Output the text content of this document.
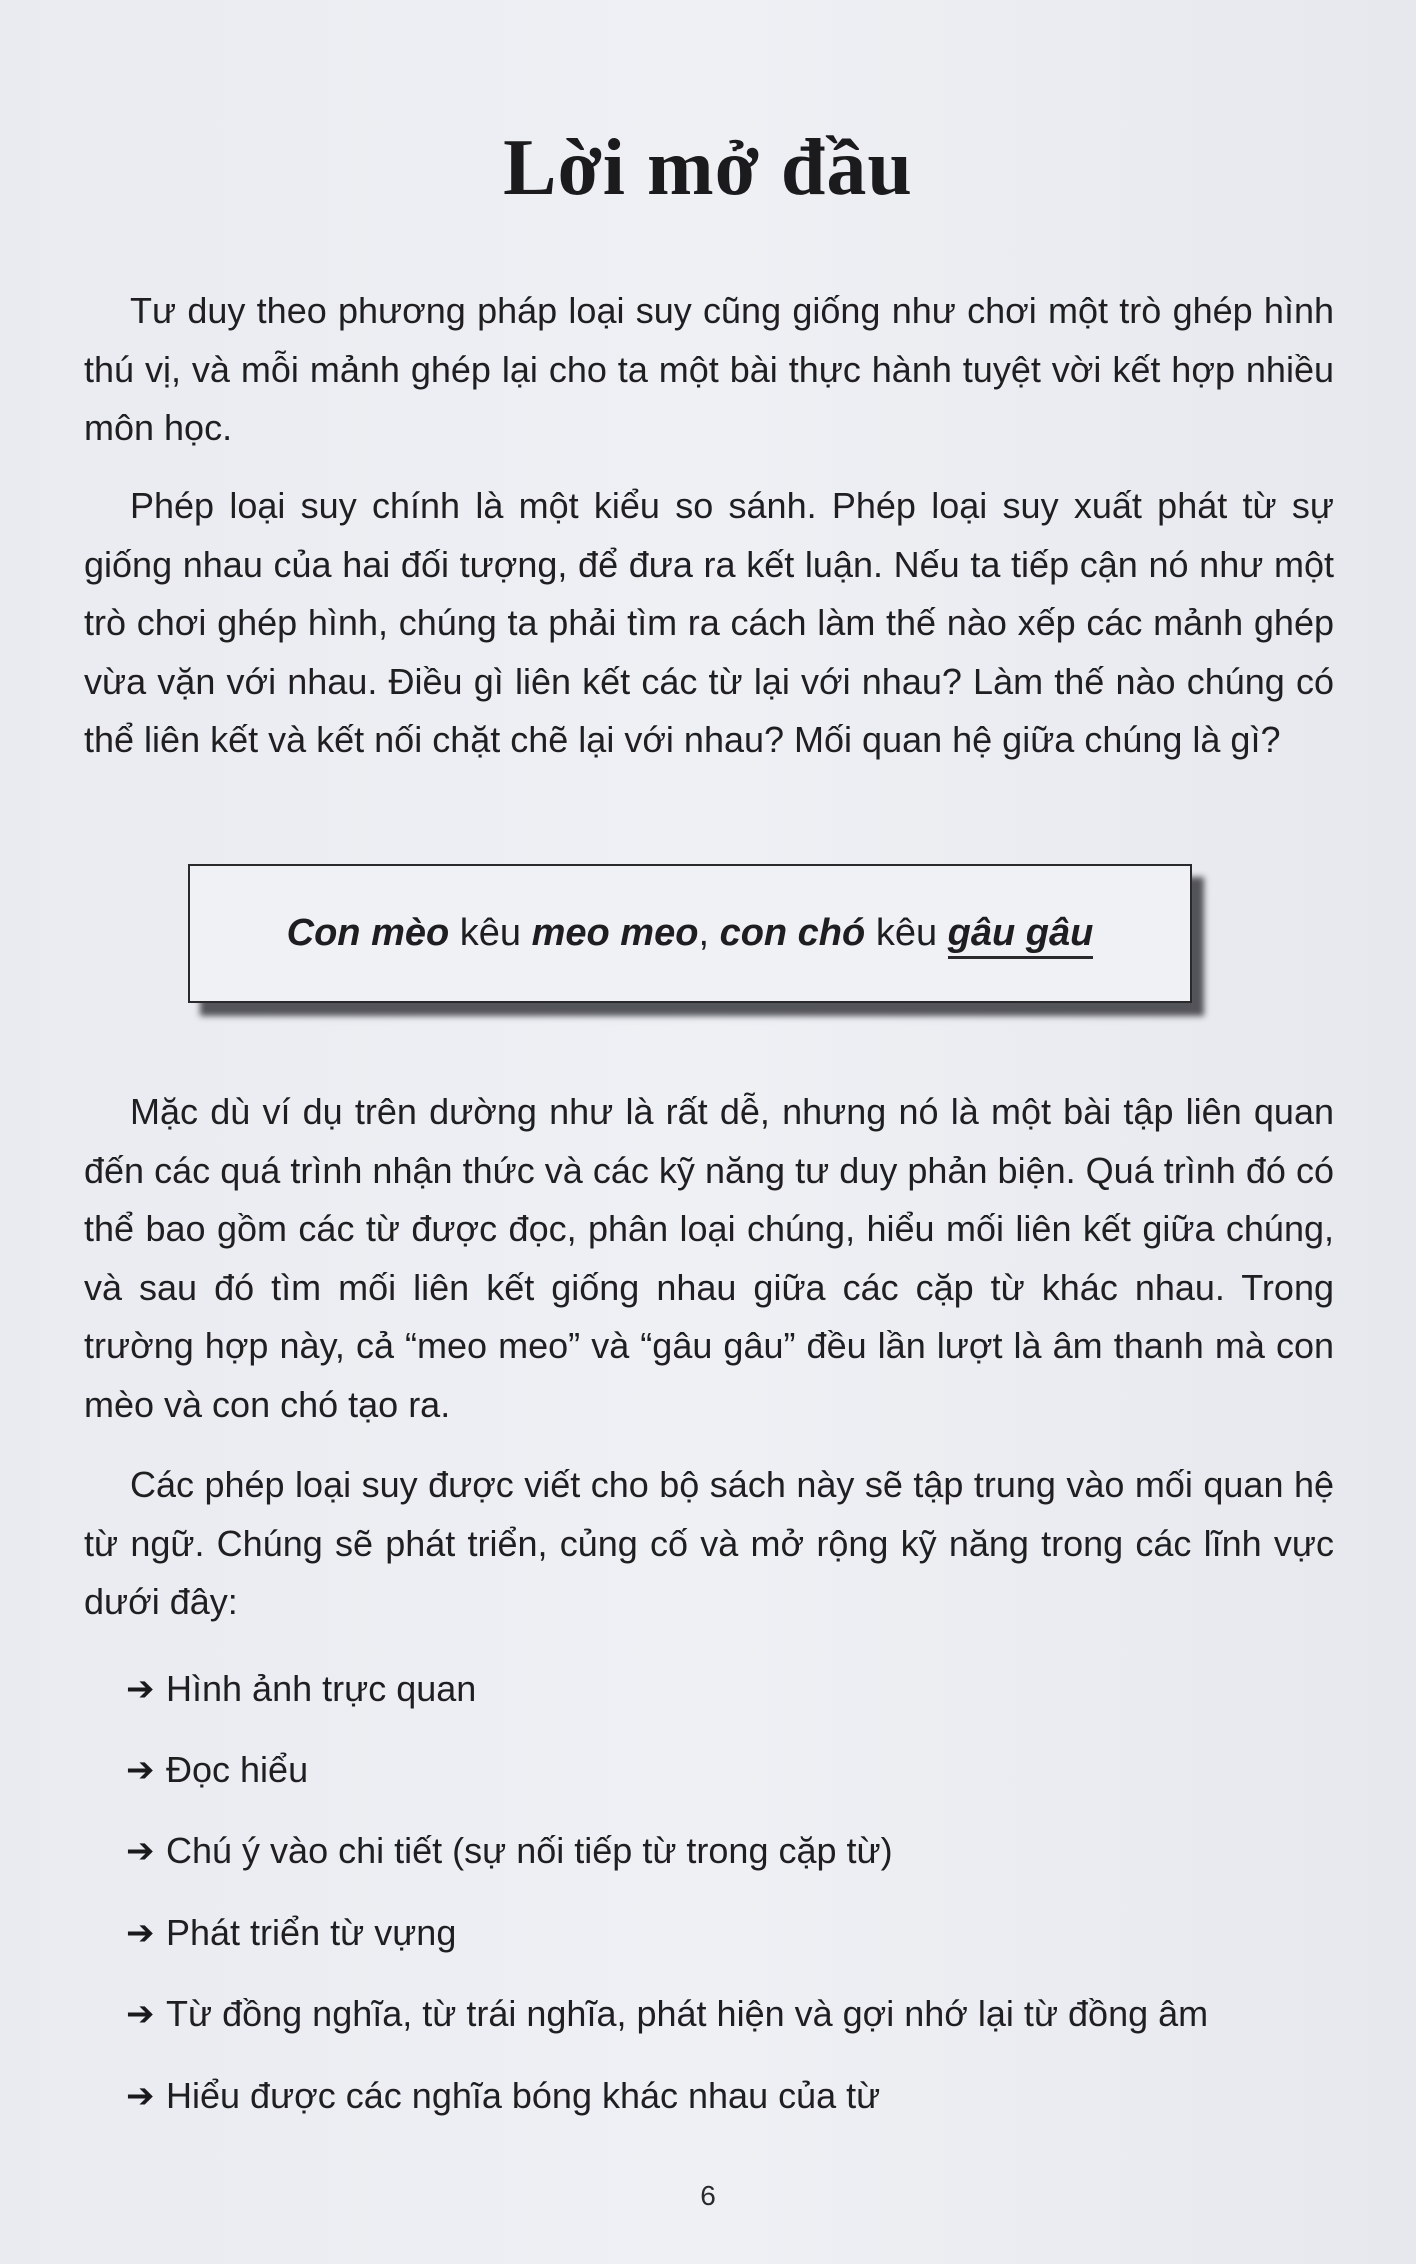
Lời mở đầu

Tư duy theo phương pháp loại suy cũng giống như chơi một trò ghép hình thú vị, và mỗi mảnh ghép lại cho ta một bài thực hành tuyệt vời kết hợp nhiều môn học.

Phép loại suy chính là một kiểu so sánh. Phép loại suy xuất phát từ sự giống nhau của hai đối tượng, để đưa ra kết luận. Nếu ta tiếp cận nó như một trò chơi ghép hình, chúng ta phải tìm ra cách làm thế nào xếp các mảnh ghép vừa vặn với nhau. Điều gì liên kết các từ lại với nhau? Làm thế nào chúng có thể liên kết và kết nối chặt chẽ lại với nhau? Mối quan hệ giữa chúng là gì?

Con mèo kêu meo meo, con chó kêu gâu gâu

Mặc dù ví dụ trên dường như là rất dễ, nhưng nó là một bài tập liên quan đến các quá trình nhận thức và các kỹ năng tư duy phản biện. Quá trình đó có thể bao gồm các từ được đọc, phân loại chúng, hiểu mối liên kết giữa chúng, và sau đó tìm mối liên kết giống nhau giữa các cặp từ khác nhau. Trong trường hợp này, cả “meo meo” và “gâu gâu” đều lần lượt là âm thanh mà con mèo và con chó tạo ra.

Các phép loại suy được viết cho bộ sách này sẽ tập trung vào mối quan hệ từ ngữ. Chúng sẽ phát triển, củng cố và mở rộng kỹ năng trong các lĩnh vực dưới đây:

➔ Hình ảnh trực quan
➔ Đọc hiểu
➔ Chú ý vào chi tiết (sự nối tiếp từ trong cặp từ)
➔ Phát triển từ vựng
➔ Từ đồng nghĩa, từ trái nghĩa, phát hiện và gợi nhớ lại từ đồng âm
➔ Hiểu được các nghĩa bóng khác nhau của từ
6
